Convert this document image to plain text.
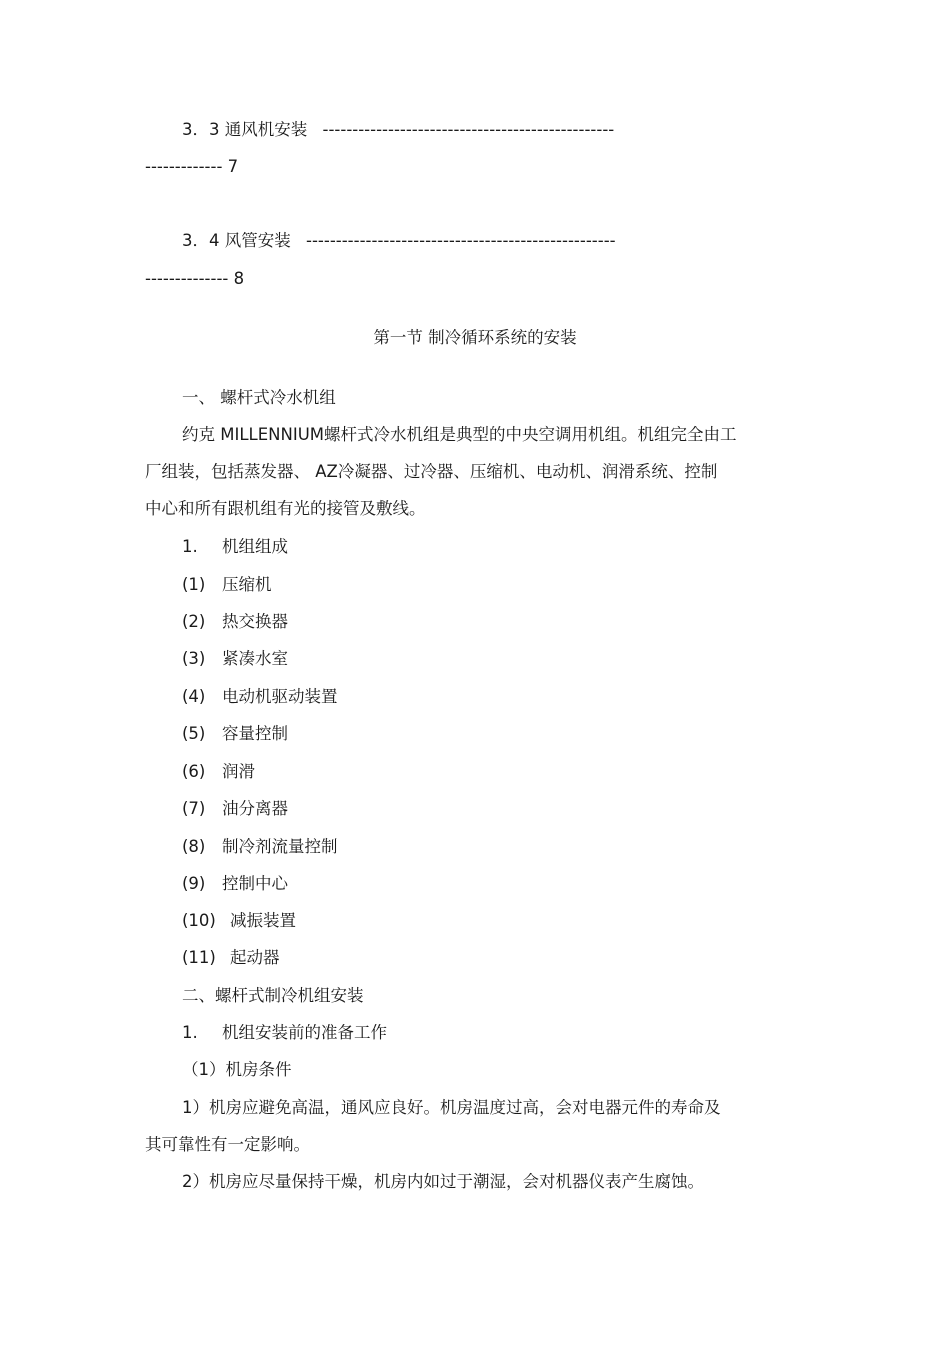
3．3 通风机安装 -------------------------------------------------
------------- 7
3．4 风管安装 ----------------------------------------------------
-------------- 8
第一节 制冷循环系统的安装
一、 螺杆式冷水机组
约克 MILLENNIUM螺杆式冷水机组是典型的中央空调用机组。机组完全由工
厂组装，包括蒸发器、 AZ冷凝器、过冷器、压缩机、电动机、润滑系统、控制
中心和所有跟机组有光的接管及敷线。
1. 机组组成
(1) 压缩机
(2) 热交换器
(3) 紧凑水室
(4) 电动机驱动装置
(5) 容量控制
(6) 润滑
(7) 油分离器
(8) 制冷剂流量控制
(9) 控制中心
(10) 减振装置
(11) 起动器
二、螺杆式制冷机组安装
1. 机组安装前的准备工作
（1）机房条件
1）机房应避免高温，通风应良好。机房温度过高，会对电器元件的寿命及
其可靠性有一定影响。
2）机房应尽量保持干燥，机房内如过于潮湿，会对机器仪表产生腐蚀。
